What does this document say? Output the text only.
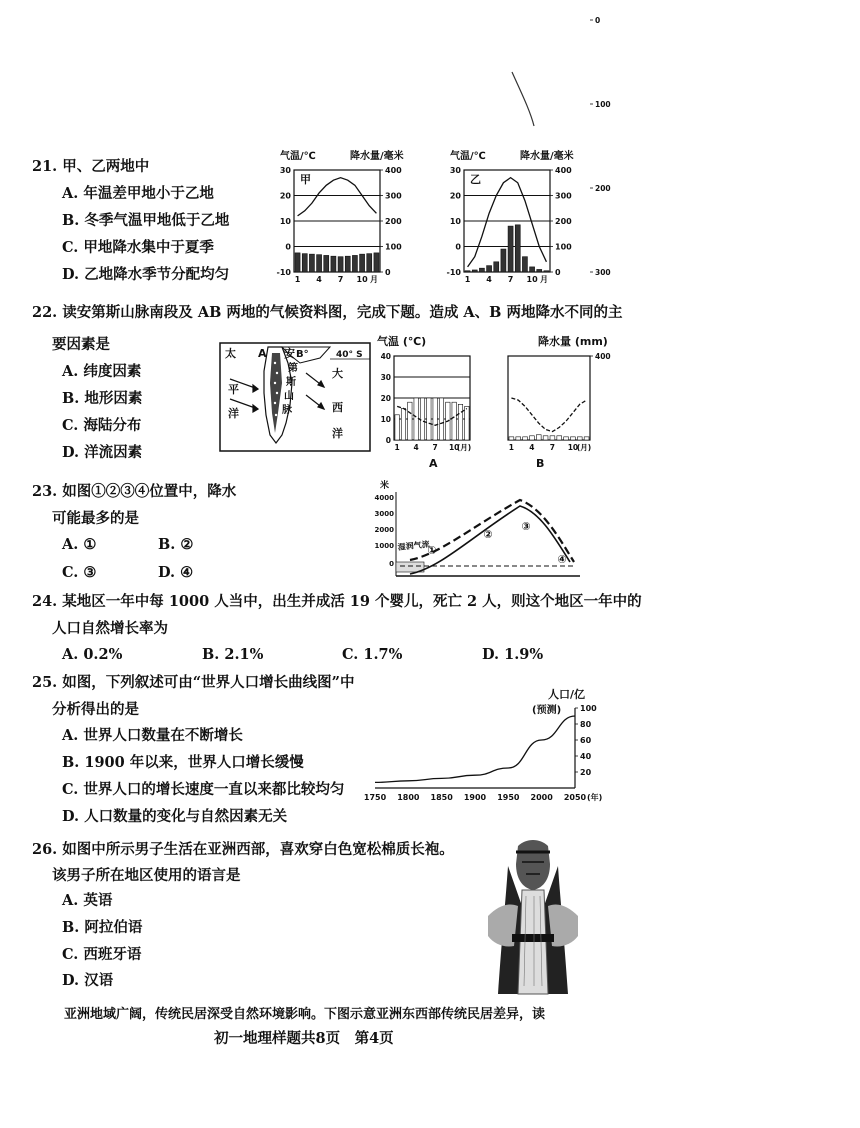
21. 甲、乙两地中
A. 年温差甲地小于乙地
B. 冬季气温甲地低于乙地
C. 甲地降水集中于夏季
D. 乙地降水季节分配均匀
气温/℃	降水量/毫米
30
20
10
0
-10
400
300
200
100
0
1 4 7 10 月
甲
气温/℃	降水量/毫米
30
20
10
0
-10
400
300
200
100
0
1 4 7 10 月
乙
22. 读安第斯山脉南段及 AB 两地的气候资料图，完成下题。造成 A、B 两地降水不同的主
要因素是
A. 纬度因素
B. 地形因素
C. 海陆分布
D. 洋流因素
太
平
洋
A 安 B°	40° S
第
斯
山
脉
大
西
洋
气温 (℃)	降水量 (mm)
40
30
20
10
0
1 4 7 10
(月)
400
300
200
100
0
1 4 7 10
(月)
A	B
23. 如图①②③④位置中，降水
可能最多的是
A. ①	B. ②
C. ③	D. ④
米
4000
3000
2000
1000
0
湿润气流
①
②
③
④
24. 某地区一年中每 1000 人当中，出生并成活 19 个婴儿，死亡 2 人，则这个地区一年中的
人口自然增长率为
A. 0.2%	B. 2.1%	C. 1.7%	D. 1.9%
25. 如图，下列叙述可由“世界人口增长曲线图”中
分析得出的是
A. 世界人口数量在不断增长
B. 1900 年以来，世界人口增长缓慢
C. 世界人口的增长速度一直以来都比较均匀
D. 人口数量的变化与自然因素无关
人口/亿
(预测) 100
80
60
40
20
1750 1800 1850 1900 1950 2000 2050 (年)
26. 如图中所示男子生活在亚洲西部，喜欢穿白色宽松棉质长袍。
该男子所在地区使用的语言是
A. 英语
B. 阿拉伯语
C. 西班牙语
D. 汉语
亚洲地域广阔，传统民居深受自然环境影响。下图示意亚洲东西部传统民居差异，读
初一地理样题共8页　第4页
